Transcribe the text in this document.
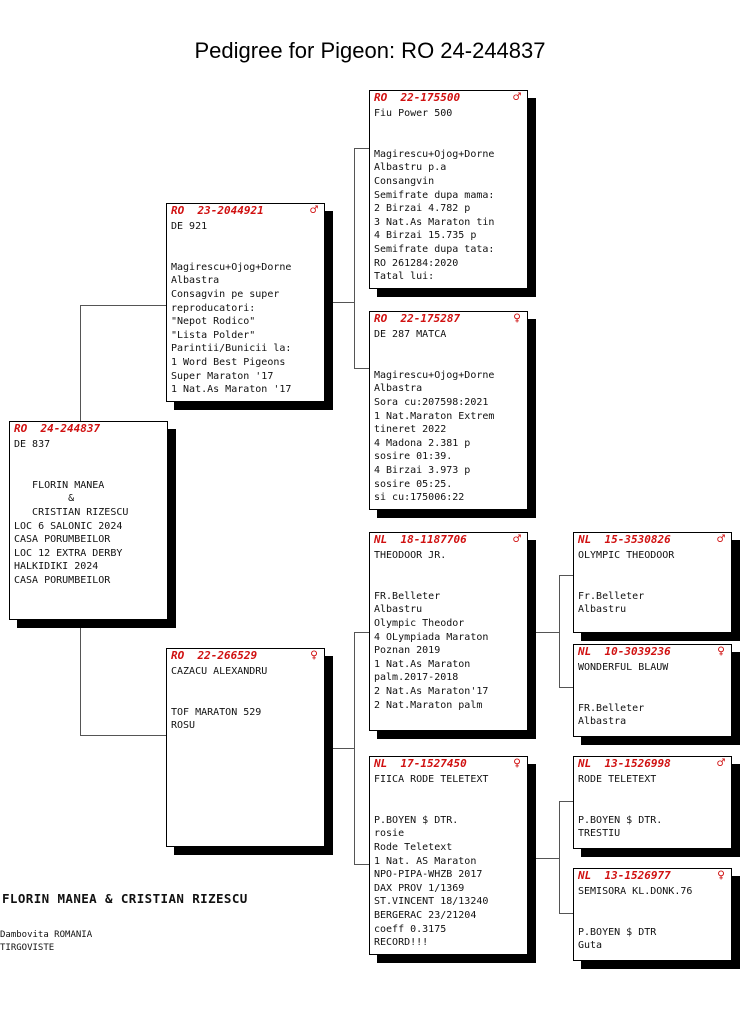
Pedigree for Pigeon: RO 24-244837
RO  24-244837
DE 837

FLORIN MANEA
&
CRISTIAN RIZESCU
LOC 6 SALONIC 2024
CASA PORUMBEILOR
LOC 12 EXTRA DERBY
HALKIDIKI 2024
CASA PORUMBEILOR
RO  23-2044921	♂
DE 921

Magirescu+Ojog+Dorne
Albastra
Consagvin pe super
reproducatori:
"Nepot Rodico"
"Lista Polder"
Parintii/Bunicii la:
1 Word Best Pigeons
Super Maraton '17
1 Nat.As Maraton '17
RO  22-266529	♀
CAZACU ALEXANDRU

TOF MARATON 529
ROSU
RO  22-175500	♂
Fiu Power 500

Magirescu+Ojog+Dorne
Albastru p.a
Consangvin
Semifrate dupa mama:
2 Birzai 4.782 p
3 Nat.As Maraton tin
4 Birzai 15.735 p
Semifrate dupa tata:
RO 261284:2020
Tatal lui:
RO  22-175287	♀
DE 287 MATCA

Magirescu+Ojog+Dorne
Albastra
Sora cu:207598:2021
1 Nat.Maraton Extrem
tineret 2022
4 Madona 2.381 p
sosire 01:39.
4 Birzai 3.973 p
sosire 05:25.
si cu:175006:22
NL  18-1187706	♂
THEODOOR JR.

FR.Belleter
Albastru
Olympic Theodor
4 OLympiada Maraton
Poznan 2019
1 Nat.As Maraton
palm.2017-2018
2 Nat.As Maraton'17
2 Nat.Maraton palm
NL  17-1527450	♀
FIICA RODE TELETEXT

P.BOYEN $ DTR.
rosie
Rode Teletext
1 Nat. AS Maraton
NPO-PIPA-WHZB 2017
DAX PROV 1/1369
ST.VINCENT 18/13240
BERGERAC 23/21204
coeff 0.3175
RECORD!!!
NL  15-3530826	♂
OLYMPIC THEODOOR

Fr.Belleter
Albastru
NL  10-3039236	♀
WONDERFUL BLAUW

FR.Belleter
Albastra
NL  13-1526998	♂
RODE TELETEXT

P.BOYEN $ DTR.
TRESTIU
NL  13-1526977	♀
SEMISORA KL.DONK.76

P.BOYEN $ DTR
Guta
FLORIN MANEA & CRISTIAN RIZESCU
Dambovita ROMANIA
TIRGOVISTE
